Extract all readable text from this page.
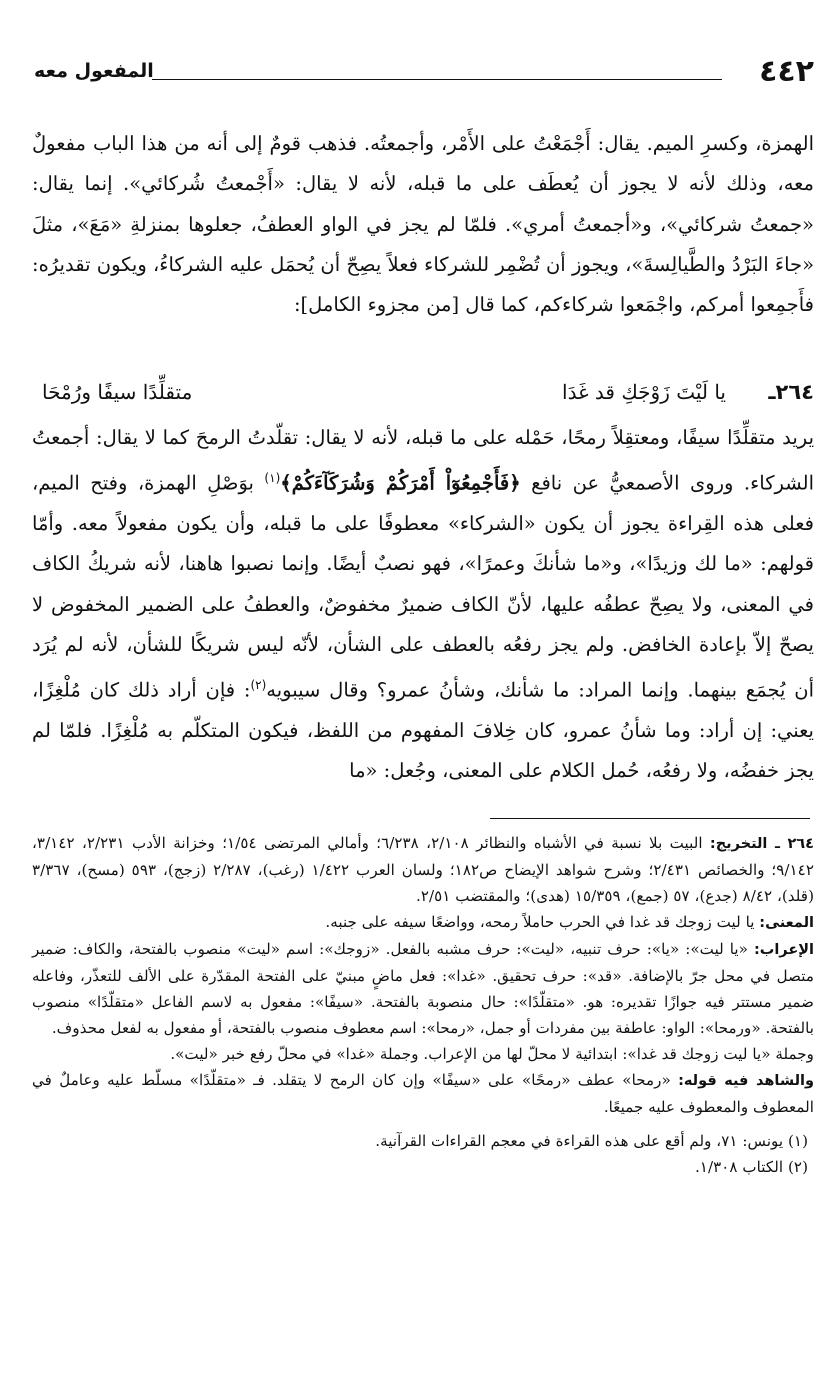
٤٤٢
المفعول معه

الهمزة، وكسرِ الميم. يقال: أَجْمَعْتُ على الأَمْر، وأجمعتُه. فذهب قومٌ إلى أنه من هذا الباب مفعولٌ معه، وذلك لأنه لا يجوز أن يُعطَف على ما قبله، لأنه لا يقال: «أَجْمعتُ شُركائي». إنما يقال: «جمعتُ شركائي»، و«أجمعتُ أمري». فلمّا لم يجز في الواو العطفُ، جعلوها بمنزلةِ «مَعَ»، مثلَ «جاءَ البَرْدُ والطَّيالِسةَ»، ويجوز أن تُضْمِر للشركاء فعلاً يصِحّ أن يُحمَل عليه الشركاءُ، ويكون تقديرُه: فأَجمِعوا أمركم، واجْمَعوا شركاءكم، كما قال [من مجزوء الكامل]:

٢٦٤ـ
يا لَيْتَ زَوْجَكِ قد غَدَا
متقلِّدًا سيفًا ورُمْحَا

يريد متقلِّدًا سيفًا، ومعتقِلاً رمحًا، حَمْله على ما قبله، لأنه لا يقال: تقلّدتُ الرمحَ كما لا يقال: أجمعتُ الشركاء. وروى الأصمعيُّ عن نافع ﴿فَأَجْمِعُوٓاْ أَمْرَكُمْ وَشُرَكَآءَكُمْ﴾$^{(١)}$ بوَصْلِ الهمزة، وفتح الميم، فعلى هذه القِراءة يجوز أن يكون «الشركاء» معطوفًا على ما قبله، وأن يكون مفعولاً معه. وأمّا قولهم: «ما لك وزيدًا»، و«ما شأنكَ وعمرًا»، فهو نصبٌ أيضًا. وإنما نصبوا هاهنا، لأنه شريكُ الكاف في المعنى، ولا يصِحّ عطفُه عليها، لأنّ الكاف ضميرٌ مخفوضٌ، والعطفُ على الضمير المخفوض لا يصحّ إلاّ بإعادة الخافض. ولم يجز رفعُه بالعطف على الشأن، لأنّه ليس شريكًا للشأن، لأنه لم يُرَد أن يُجمَع بينهما. وإنما المراد: ما شأنك، وشأنُ عمرو؟ وقال سيبويه$^{(٢)}$: فإن أراد ذلك كان مُلْغِزًا، يعني: إن أراد: وما شأنُ عمرو، كان خِلافَ المفهوم من اللفظ، فيكون المتكلّم به مُلْغِزًا. فلمّا لم يجز خفضُه، ولا رفعُه، حُمل الكلام على المعنى، وجُعل: «ما

٢٦٤ ـ التخريج: البيت بلا نسبة في الأشباه والنظائر ٢/١٠٨، ٦/٢٣٨؛ وأمالي المرتضى ١/٥٤؛ وخزانة الأدب ٢/٢٣١، ٣/١٤٢، ٩/١٤٢؛ والخصائص ٢/٤٣١؛ وشرح شواهد الإيضاح ص١٨٢؛ ولسان العرب ١/٤٢٢ (رغب)، ٢/٢٨٧ (زجج)، ٥٩٣ (مسح)، ٣/٣٦٧ (قلد)، ٨/٤٢ (جدع)، ٥٧ (جمع)، ١٥/٣٥٩ (هدى)؛ والمقتضب ٢/٥١.

المعنى: يا ليت زوجك قد غدا في الحرب حاملاً رمحه، وواضعًا سيفه على جنبه.

الإعراب: «يا ليت»: «يا»: حرف تنبيه، «ليت»: حرف مشبه بالفعل. «زوجك»: اسم «ليت» منصوب بالفتحة، والكاف: ضمير متصل في محل جرّ بالإضافة. «قد»: حرف تحقيق. «غدا»: فعل ماضٍ مبنيّ على الفتحة المقدّرة على الألف للتعذّر، وفاعله ضمير مستتر فيه جوازًا تقديره: هو. «متقلّدًا»: حال منصوبة بالفتحة. «سيفًا»: مفعول به لاسم الفاعل «متقلّدًا» منصوب بالفتحة. «ورمحا»: الواو: عاطفة بين مفردات أو جمل، «رمحا»: اسم معطوف منصوب بالفتحة، أو مفعول به لفعل محذوف.

وجملة «يا ليت زوجك قد غدا»: ابتدائية لا محلّ لها من الإعراب. وجملة «غدا» في محلّ رفع خبر «ليت».

والشاهد فيه قوله: «رمحا» عطف «رمحًا» على «سيفًا» وإن كان الرمح لا يتقلد. فـ «متقلّدًا» مسلّط عليه وعاملٌ في المعطوف والمعطوف عليه جميعًا.

(١) يونس: ٧١، ولم أقع على هذه القراءة في معجم القراءات القرآنية.

(٢) الكتاب ١/٣٠٨.
